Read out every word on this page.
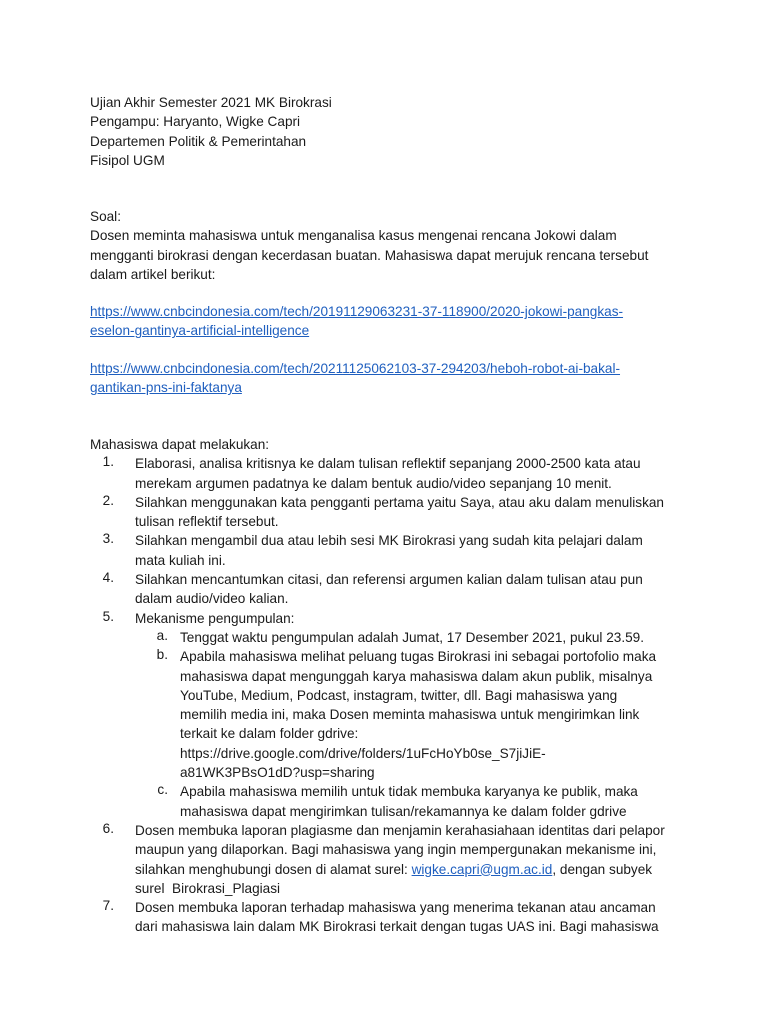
Ujian Akhir Semester 2021 MK Birokrasi
Pengampu: Haryanto, Wigke Capri
Departemen Politik & Pemerintahan
Fisipol UGM
Soal:
Dosen meminta mahasiswa untuk menganalisa kasus mengenai rencana Jokowi dalam
mengganti birokrasi dengan kecerdasan buatan. Mahasiswa dapat merujuk rencana tersebut
dalam artikel berikut:
https://www.cnbcindonesia.com/tech/20191129063231-37-118900/2020-jokowi-pangkas-
eselon-gantinya-artificial-intelligence
https://www.cnbcindonesia.com/tech/20211125062103-37-294203/heboh-robot-ai-bakal-
gantikan-pns-ini-faktanya
Mahasiswa dapat melakukan:
1. Elaborasi, analisa kritisnya ke dalam tulisan reflektif sepanjang 2000-2500 kata atau
merekam argumen padatnya ke dalam bentuk audio/video sepanjang 10 menit.
2. Silahkan menggunakan kata pengganti pertama yaitu Saya, atau aku dalam menuliskan
tulisan reflektif tersebut.
3. Silahkan mengambil dua atau lebih sesi MK Birokrasi yang sudah kita pelajari dalam
mata kuliah ini.
4. Silahkan mencantumkan citasi, dan referensi argumen kalian dalam tulisan atau pun
dalam audio/video kalian.
5. Mekanisme pengumpulan:
a. Tenggat waktu pengumpulan adalah Jumat, 17 Desember 2021, pukul 23.59.
b. Apabila mahasiswa melihat peluang tugas Birokrasi ini sebagai portofolio maka
mahasiswa dapat mengunggah karya mahasiswa dalam akun publik, misalnya
YouTube, Medium, Podcast, instagram, twitter, dll. Bagi mahasiswa yang
memilih media ini, maka Dosen meminta mahasiswa untuk mengirimkan link
terkait ke dalam folder gdrive:
https://drive.google.com/drive/folders/1uFcHoYb0se_S7jiJiE-
a81WK3PBsO1dD?usp=sharing
c. Apabila mahasiswa memilih untuk tidak membuka karyanya ke publik, maka
mahasiswa dapat mengirimkan tulisan/rekamannya ke dalam folder gdrive
6. Dosen membuka laporan plagiasme dan menjamin kerahasiahaan identitas dari pelapor
maupun yang dilaporkan. Bagi mahasiswa yang ingin mempergunakan mekanisme ini,
silahkan menghubungi dosen di alamat surel: wigke.capri@ugm.ac.id, dengan subyek
surel  Birokrasi_Plagiasi
7. Dosen membuka laporan terhadap mahasiswa yang menerima tekanan atau ancaman
dari mahasiswa lain dalam MK Birokrasi terkait dengan tugas UAS ini. Bagi mahasiswa
